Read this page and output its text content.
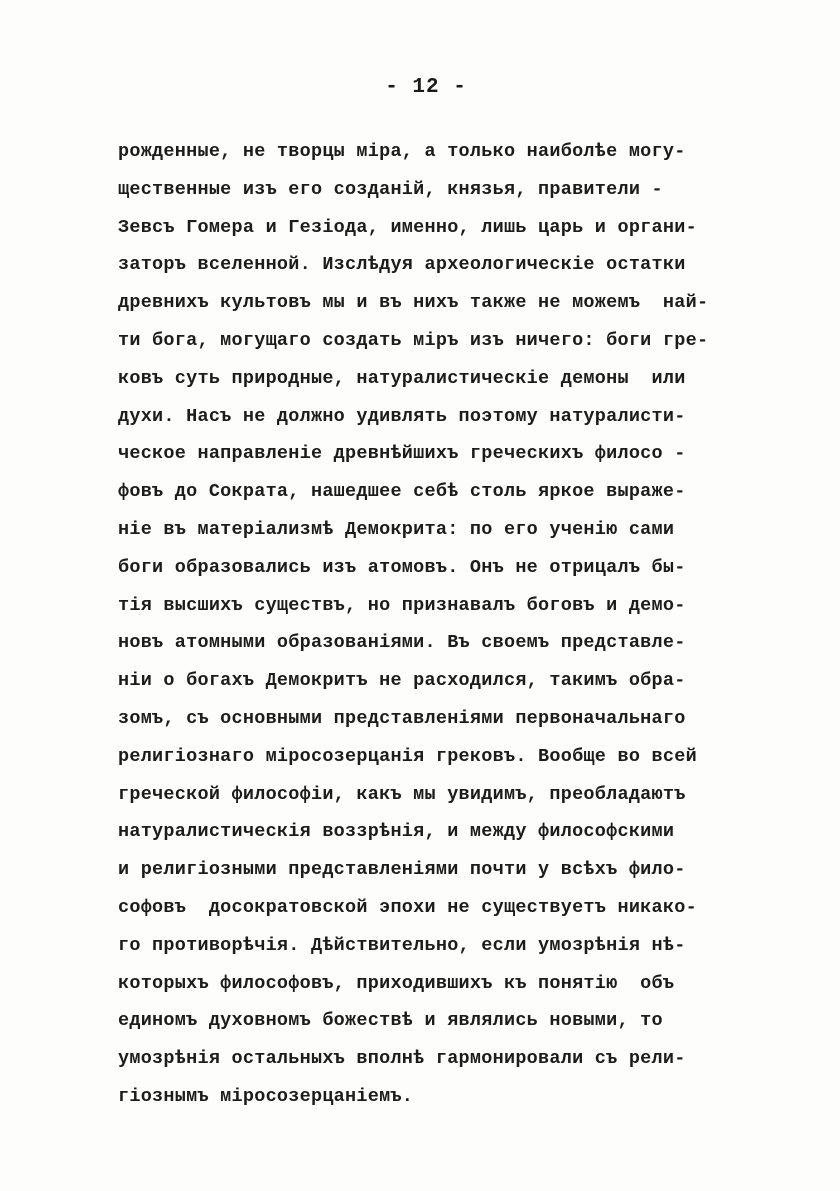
- 12 -
рожденные, не творцы міра, а только наиболѣе могу-
щественные изъ его созданій, князья, правители -
Зевсъ Гомера и Гезіода, именно, лишь царь и органи-
заторъ вселенной. Изслѣдуя археологическіе остатки
древнихъ культовъ мы и въ нихъ также не можемъ  най-
ти бога, могущаго создать міръ изъ ничего: боги гре-
ковъ суть природные, натуралистическіе демоны  или
духи. Насъ не должно удивлять поэтому натуралисти-
ческое направленіе древнѣйшихъ греческихъ филосо -
фовъ до Сократа, нашедшее себѣ столь яркое выраже-
ніе въ матеріализмѣ Демокрита: по его ученію сами
боги образовались изъ атомовъ. Онъ не отрицалъ бы-
тія высшихъ существъ, но признавалъ боговъ и демо-
новъ атомными образованіями. Въ своемъ представле-
ніи о богахъ Демокритъ не расходился, такимъ обра-
зомъ, съ основными представленіями первоначальнаго
религіознаго міросозерцанія грековъ. Вообще во всей
греческой философіи, какъ мы увидимъ, преобладаютъ
натуралистическія воззрѣнія, и между философскими
и религіозными представленіями почти у всѣхъ фило-
софовъ  досократовской эпохи не существуетъ никако-
го противорѣчія. Дѣйствительно, если умозрѣнія нѣ-
которыхъ философовъ, приходившихъ къ понятію  объ
единомъ духовномъ божествѣ и являлись новыми, то
умозрѣнія остальныхъ вполнѣ гармонировали съ рели-
гіознымъ міросозерцаніемъ.
